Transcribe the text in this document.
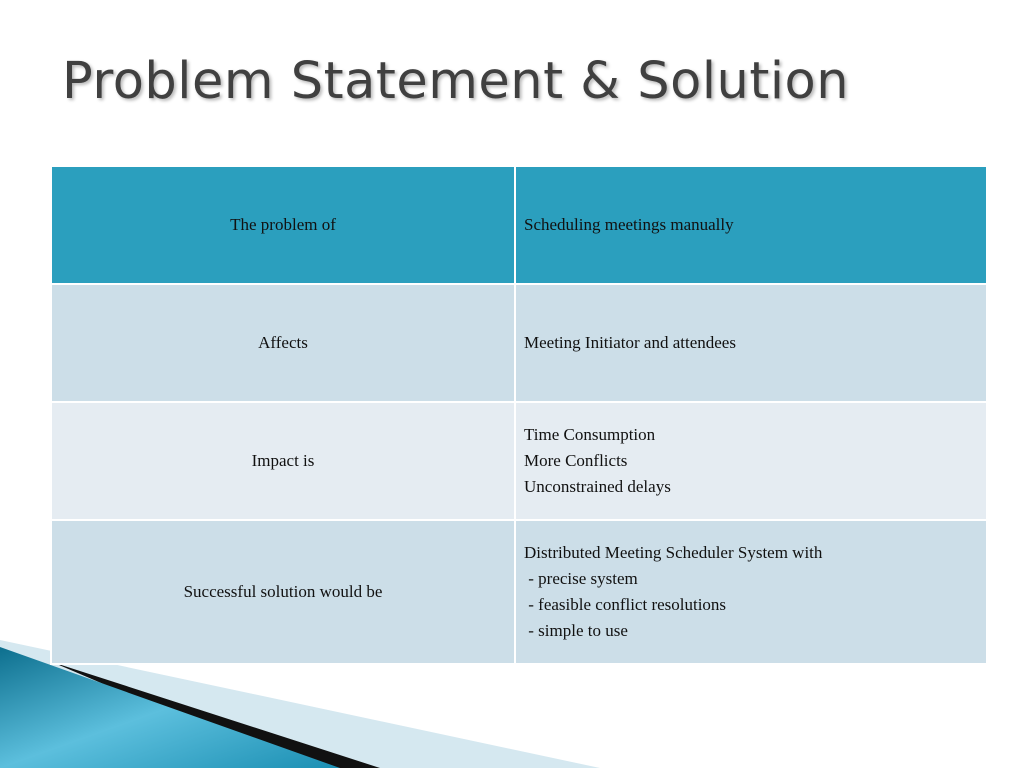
Problem Statement & Solution
The problem of	Scheduling meetings manually

Affects	Meeting Initiator and attendees

Impact is	Time Consumption
More Conflicts
Unconstrained delays

Successful solution would be	Distributed Meeting Scheduler System with
- precise system
- feasible conflict resolutions
- simple to use
